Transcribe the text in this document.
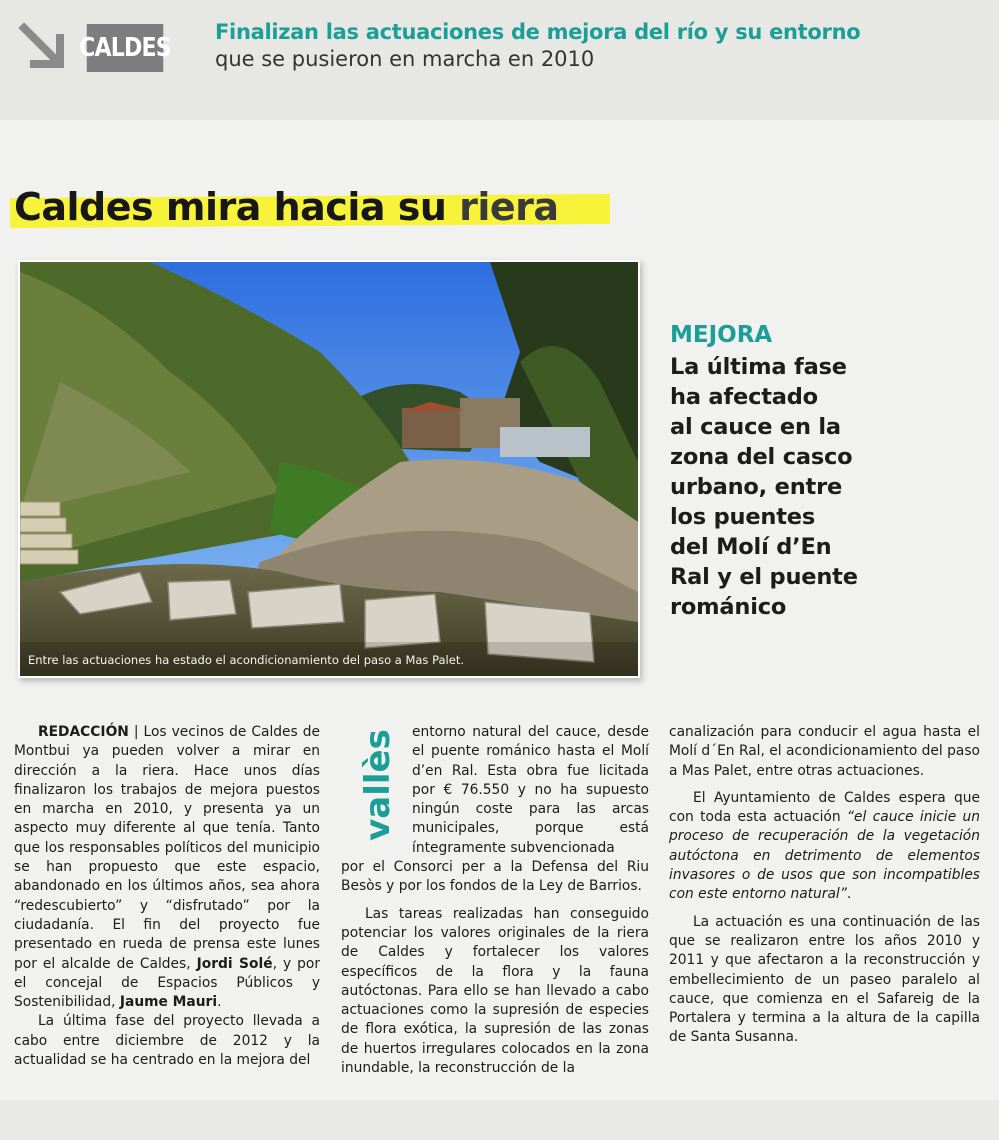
CALDES
Finalizan las actuaciones de mejora del río y su entorno
que se pusieron en marcha en 2010
Caldes mira hacia su riera
Entre las actuaciones ha estado el acondicionamiento del paso a Mas Palet.
MEJORA
La última fase
ha afectado
al cauce en la
zona del casco
urbano, entre
los puentes
del Molí d’En
Ral y el puente
románico

REDACCIÓN | Los vecinos de Caldes de Montbui ya pueden volver a mirar en dirección a la riera. Hace unos días finalizaron los trabajos de mejora puestos en marcha en 2010, y presenta ya un aspecto muy diferente al que tenía. Tanto que los responsables políticos del municipio se han propuesto que este espacio, abandonado en los últimos años, sea ahora “redescubierto” y “disfrutado” por la ciudadanía. El fin del proyecto fue presentado en rueda de prensa este lunes por el alcalde de Caldes, Jordi Solé, y por el concejal de Espacios Públicos y Sostenibilidad, Jaume Mauri.

La última fase del proyecto llevada a cabo entre diciembre de 2012 y la actualidad se ha centrado en la mejora del

vallès entorno natural del cauce, desde el puente románico hasta el Molí d’en Ral. Esta obra fue licitada por € 76.550 y no ha supuesto ningún coste para las arcas municipales, porque está íntegramente subvencionada

por el Consorci per a la Defensa del Riu Besòs y por los fondos de la Ley de Barrios.

Las tareas realizadas han conseguido potenciar los valores originales de la riera de Caldes y fortalecer los valores específicos de la flora y la fauna autóctonas. Para ello se han llevado a cabo actuaciones como la supresión de especies de flora exótica, la supresión de las zonas de huertos irregulares colocados en la zona inundable, la reconstrucción de la

canalización para conducir el agua hasta el Molí d´En Ral, el acondicionamiento del paso a Mas Palet, entre otras actuaciones.

El Ayuntamiento de Caldes espera que con toda esta actuación “el cauce inicie un proceso de recuperación de la vegetación autóctona en detrimento de elementos invasores o de usos que son incompatibles con este entorno natural”.

La actuación es una continuación de las que se realizaron entre los años 2010 y 2011 y que afectaron a la reconstrucción y embellecimiento de un paseo paralelo al cauce, que comienza en el Safareig de la Portalera y termina a la altura de la capilla de Santa Susanna.
